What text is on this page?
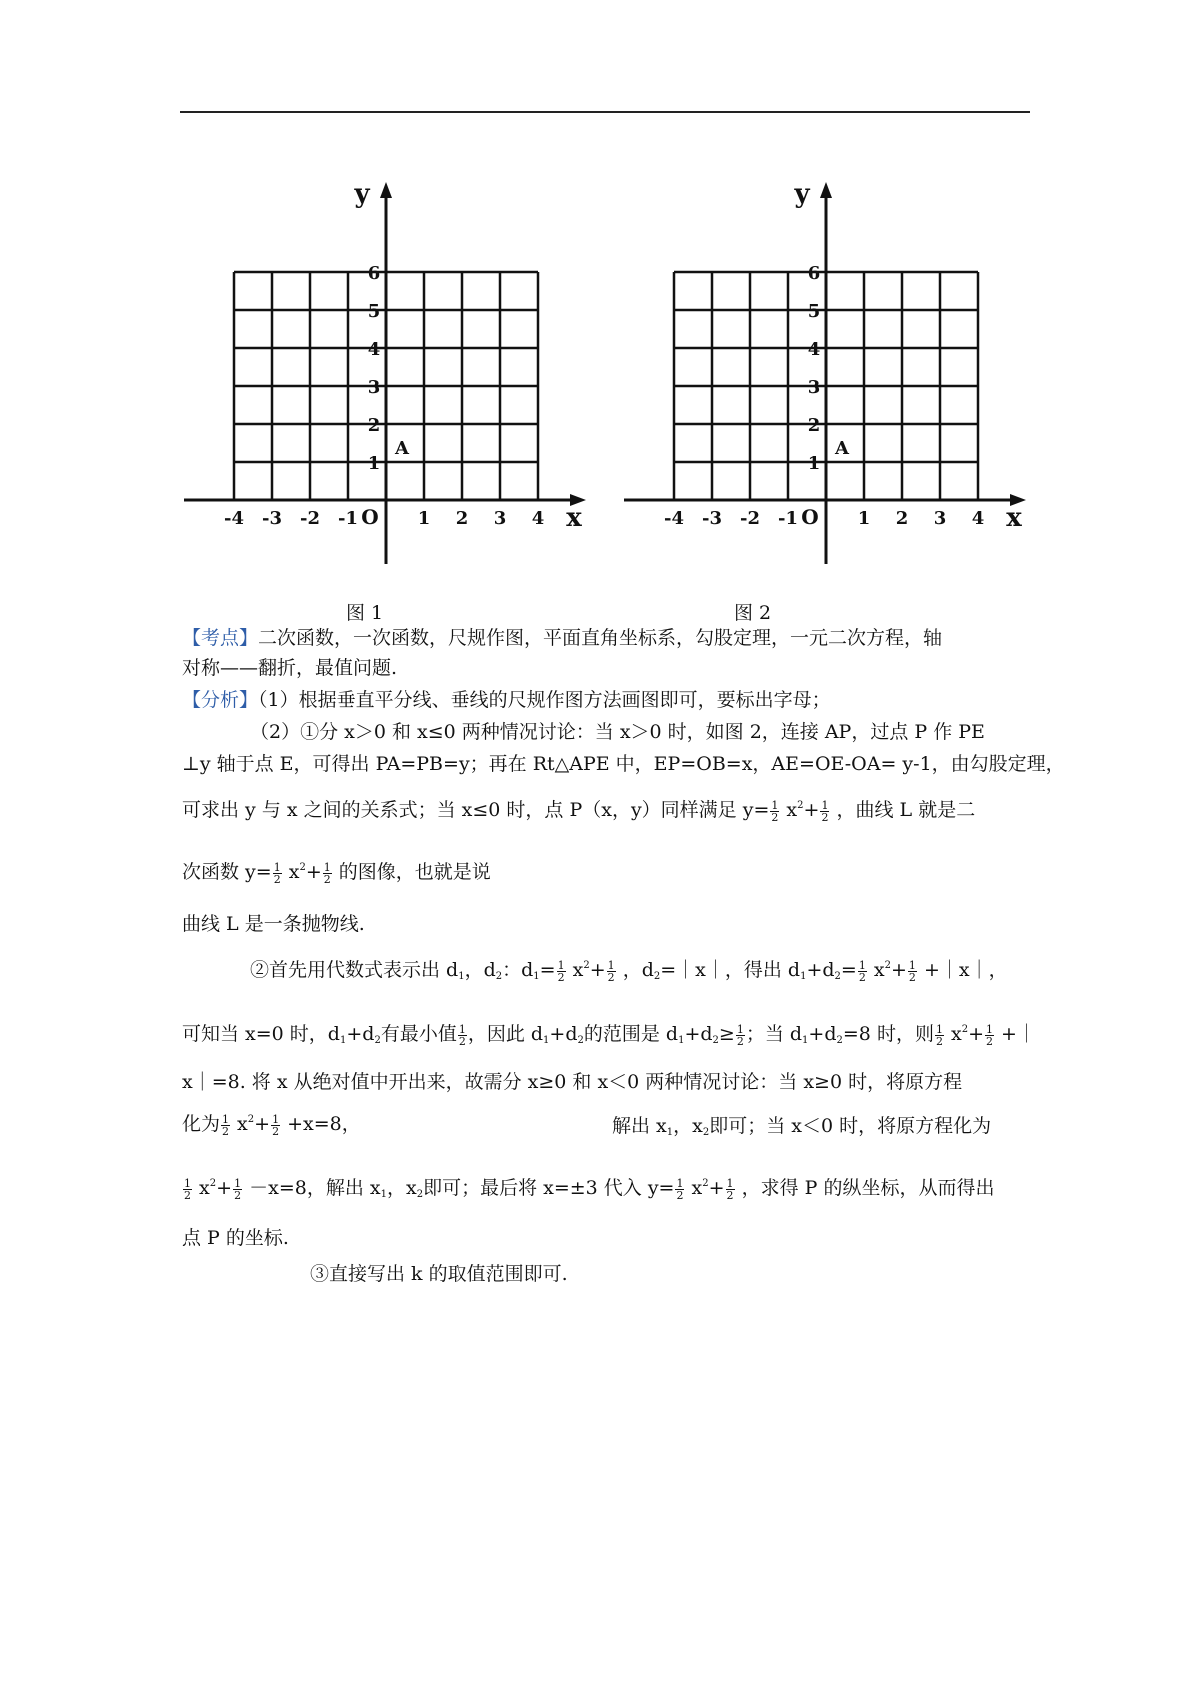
x
y
O
-4 -3 -2 -1	1 2 3 4
1
2
3
4
5
6
A
图 1
x
y
O
-4 -3 -2 -1	1 2 3 4
1
2
3
4
5
6
A
图 2
【考点】二次函数，一次函数，尺规作图，平面直角坐标系，勾股定理，一元二次方程，轴
对称——翻折，最值问题.
【分析】（1）根据垂直平分线、垂线的尺规作图方法画图即可，要标出字母；
（2）①分 x＞0 和 x≤0 两种情况讨论：当 x＞0 时，如图 2，连接 AP，过点 P 作 PE
⊥y 轴于点 E，可得出 PA=PB=y；再在 Rt△APE 中，EP=OB=x，AE=OE-OA= y-1，由勾股定理，
可求出 y 与 x 之间的关系式；当 x≤0 时，点 P（x，y）同样满足 $y= \frac{1}{2} x^2+ \frac{1}{2}$ ，曲线 L 就是二
次函数 $y= \frac{1}{2} x^2+ \frac{1}{2}$ 的图像，也就是说
曲线 L 是一条抛物线.
②首先用代数式表示出 $d_1$，$d_2$：$d_1= \frac{1}{2} x^2+ \frac{1}{2}$ ，$d_2=|x|$，得出 $d_1+d_2= \frac{1}{2} x^2+ \frac{1}{2}$ +｜x｜，
可知当 x=0 时，$d_1+d_2$有最小值 $\frac{1}{2}$ ，因此 $d_1+d_2$的范围是 $d_1+d_2\ge \frac{1}{2}$ ；当 $d_1+d_2=8$ 时，则 $\frac{1}{2} x^2+ \frac{1}{2}$ +｜
x｜=8. 将 x 从绝对值中开出来，故需分 x≥0 和 x＜0 两种情况讨论：当 x≥0 时，将原方程
化为 $\frac{1}{2} x^2+ \frac{1}{2} +x=8$，	解出 $x_1$，$x_2$即可；当 x＜0 时，将原方程化为
$\frac{1}{2} x^2+ \frac{1}{2} -x=8$，解出 $x_1$，$x_2$即可；最后将 x=±3 代入 $y= \frac{1}{2} x^2+ \frac{1}{2}$ ，求得 P 的纵坐标，从而得出
点 P 的坐标.
③直接写出 k 的取值范围即可.
